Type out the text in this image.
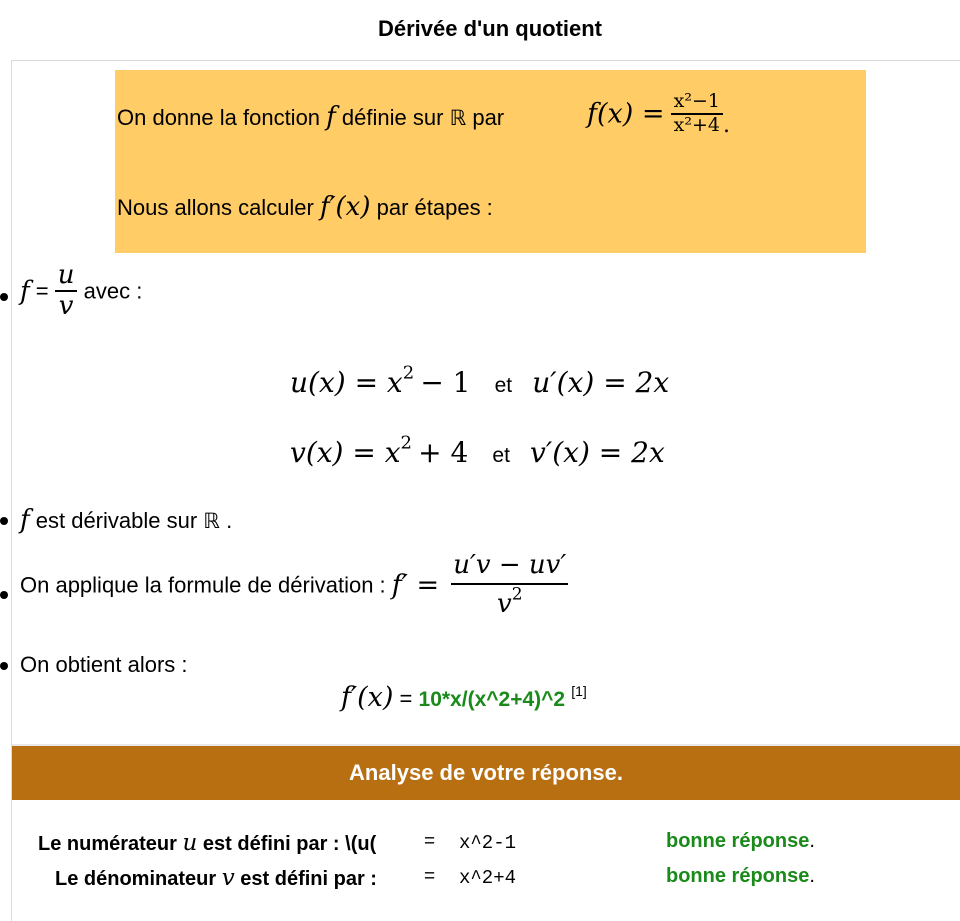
Dérivée d'un quotient
On donne la fonction f définie sur ℝ par	$f(x) = \frac{\text{x²−1}}{\text{x²+4}}$ .
Nous allons calculer f′(x) par étapes :
$f = \frac{u}{v}$ avec :
$u(x) = x^2 - 1$ et u′(x) = 2x
$v(x) = x^2 + 4$ et v′(x) = 2x
f est dérivable sur ℝ .
On applique la formule de dérivation : $f' = \frac{u'v - uv'}{v^2}$
On obtient alors :
f′(x) = 10*x/(x^2+4)^2 [1]
Analyse de votre réponse.
Le numérateur u est défini par : \(u(	= x^2-1	bonne réponse.
Le dénominateur v est défini par : = x^2+4	bonne réponse.
